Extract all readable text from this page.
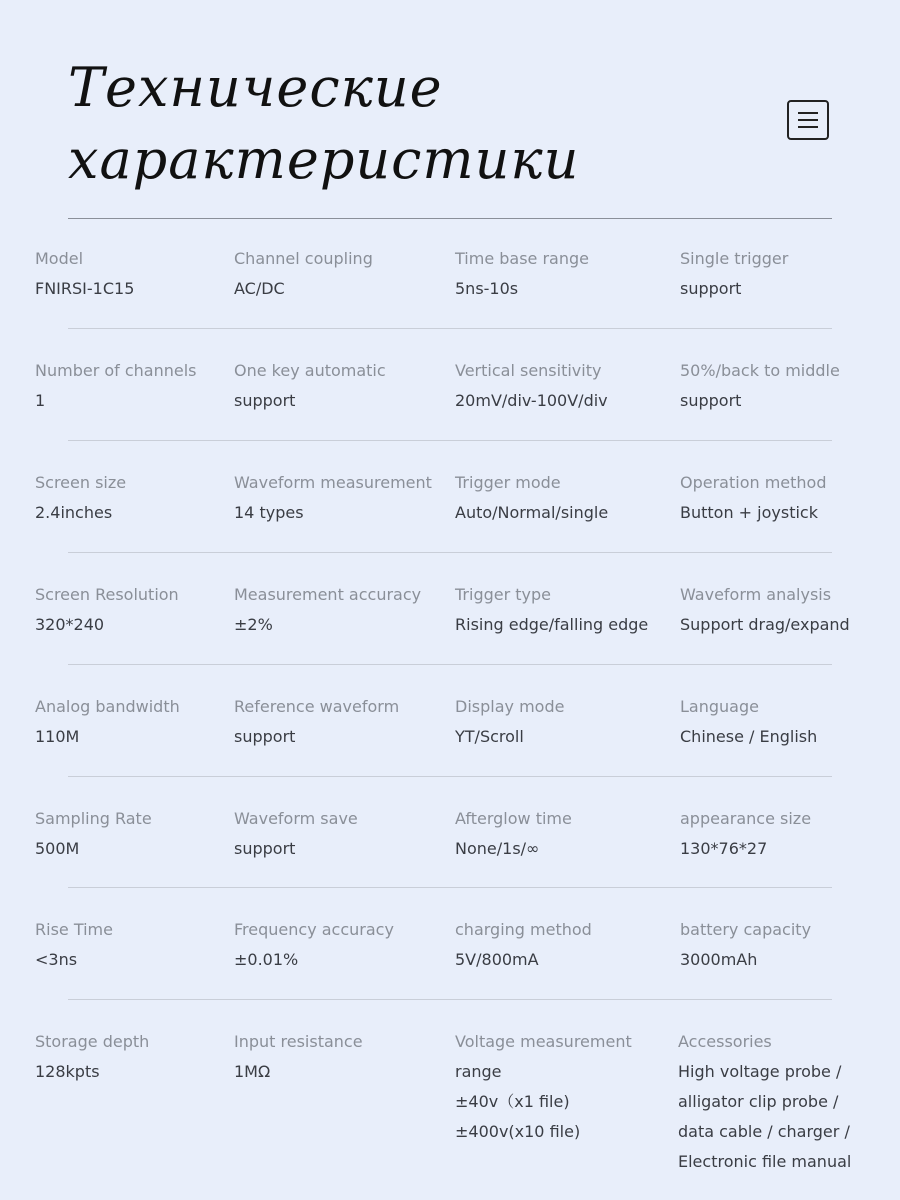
Технические характеристики
Model
FNIRSI-1C15
Channel coupling
AC/DC
Time base range
5ns-10s
Single trigger
support
Number of channels
1
One key automatic
support
Vertical sensitivity
20mV/div-100V/div
50%/back to middle
support
Screen size
2.4inches
Waveform measurement
14 types
Trigger mode
Auto/Normal/single
Operation method
Button + joystick
Screen Resolution
320*240
Measurement accuracy
±2%
Trigger type
Rising edge/falling edge
Waveform analysis
Support drag/expand
Analog bandwidth
110M
Reference waveform
support
Display mode
YT/Scroll
Language
Chinese / English
Sampling Rate
500M
Waveform save
support
Afterglow time
None/1s/∞
appearance size
130*76*27
Rise Time
<3ns
Frequency accuracy
±0.01%
charging method
5V/800mA
battery capacity
3000mAh
Storage depth
128kpts
Input resistance
1MΩ
Voltage measurement
range
±40v（x1 file)
±400v(x10 file)
Accessories
High voltage probe /
alligator clip probe /
data cable / charger /
Electronic file manual
